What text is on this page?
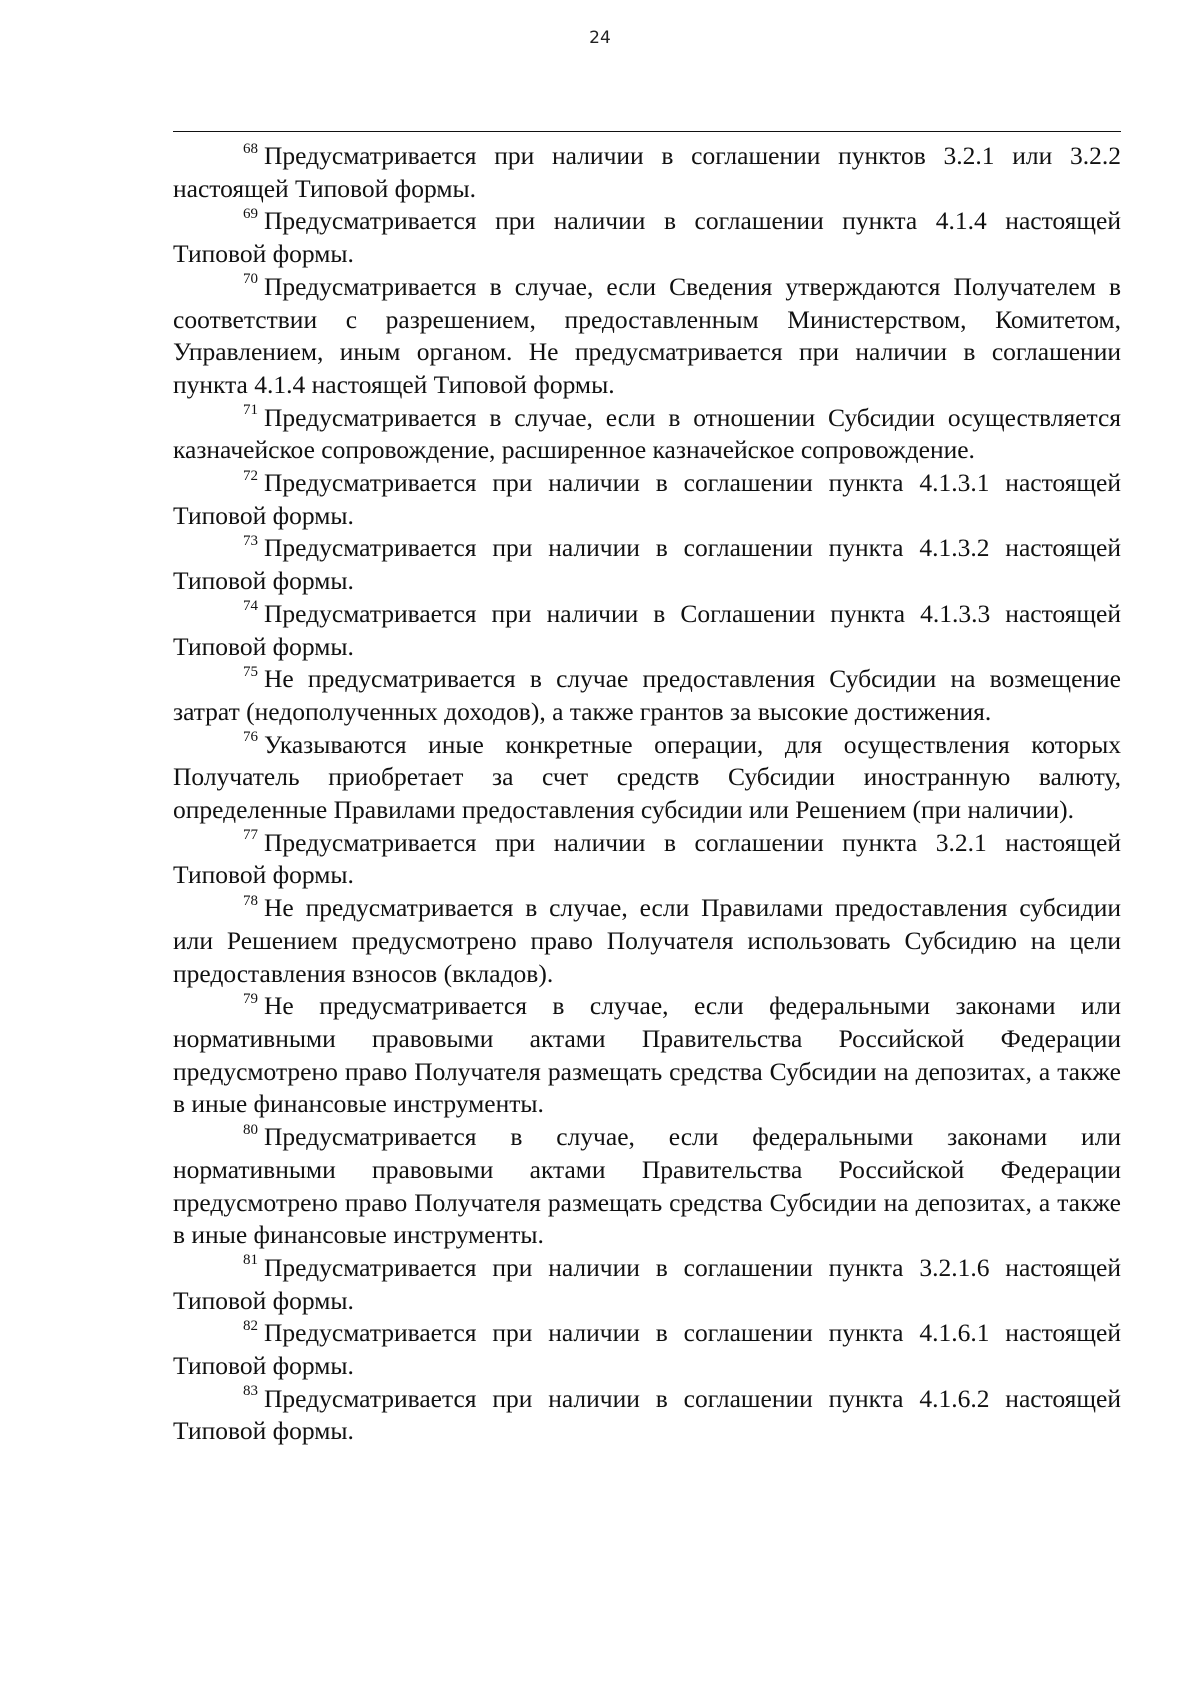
24

$^{68}$ Предусматривается при наличии в соглашении пунктов 3.2.1 или 3.2.2 настоящей Типовой формы.

$^{69}$ Предусматривается при наличии в соглашении пункта 4.1.4 настоящей Типовой формы.

$^{70}$ Предусматривается в случае, если Сведения утверждаются Получателем в соответствии с разрешением, предоставленным Министерством, Комитетом, Управлением, иным органом. Не предусматривается при наличии в соглашении пункта 4.1.4 настоящей Типовой формы.

$^{71}$ Предусматривается в случае, если в отношении Субсидии осуществляется казначейское сопровождение, расширенное казначейское сопровождение.

$^{72}$ Предусматривается при наличии в соглашении пункта 4.1.3.1 настоящей Типовой формы.

$^{73}$ Предусматривается при наличии в соглашении пункта 4.1.3.2 настоящей Типовой формы.

$^{74}$ Предусматривается при наличии в Соглашении пункта 4.1.3.3 настоящей Типовой формы.

$^{75}$ Не предусматривается в случае предоставления Субсидии на возмещение затрат (недополученных доходов), а также грантов за высокие достижения.

$^{76}$ Указываются иные конкретные операции, для осуществления которых Получатель приобретает за счет средств Субсидии иностранную валюту, определенные Правилами предоставления субсидии или Решением (при наличии).

$^{77}$ Предусматривается при наличии в соглашении пункта 3.2.1 настоящей Типовой формы.

$^{78}$ Не предусматривается в случае, если Правилами предоставления субсидии или Решением предусмотрено право Получателя использовать Субсидию на цели предоставления взносов (вкладов).

$^{79}$ Не предусматривается в случае, если федеральными законами или нормативными правовыми актами Правительства Российской Федерации предусмотрено право Получателя размещать средства Субсидии на депозитах, а также в иные финансовые инструменты.

$^{80}$ Предусматривается в случае, если федеральными законами или нормативными правовыми актами Правительства Российской Федерации предусмотрено право Получателя размещать средства Субсидии на депозитах, а также в иные финансовые инструменты.

$^{81}$ Предусматривается при наличии в соглашении пункта 3.2.1.6 настоящей Типовой формы.

$^{82}$ Предусматривается при наличии в соглашении пункта 4.1.6.1 настоящей Типовой формы.

$^{83}$ Предусматривается при наличии в соглашении пункта 4.1.6.2 настоящей Типовой формы.
